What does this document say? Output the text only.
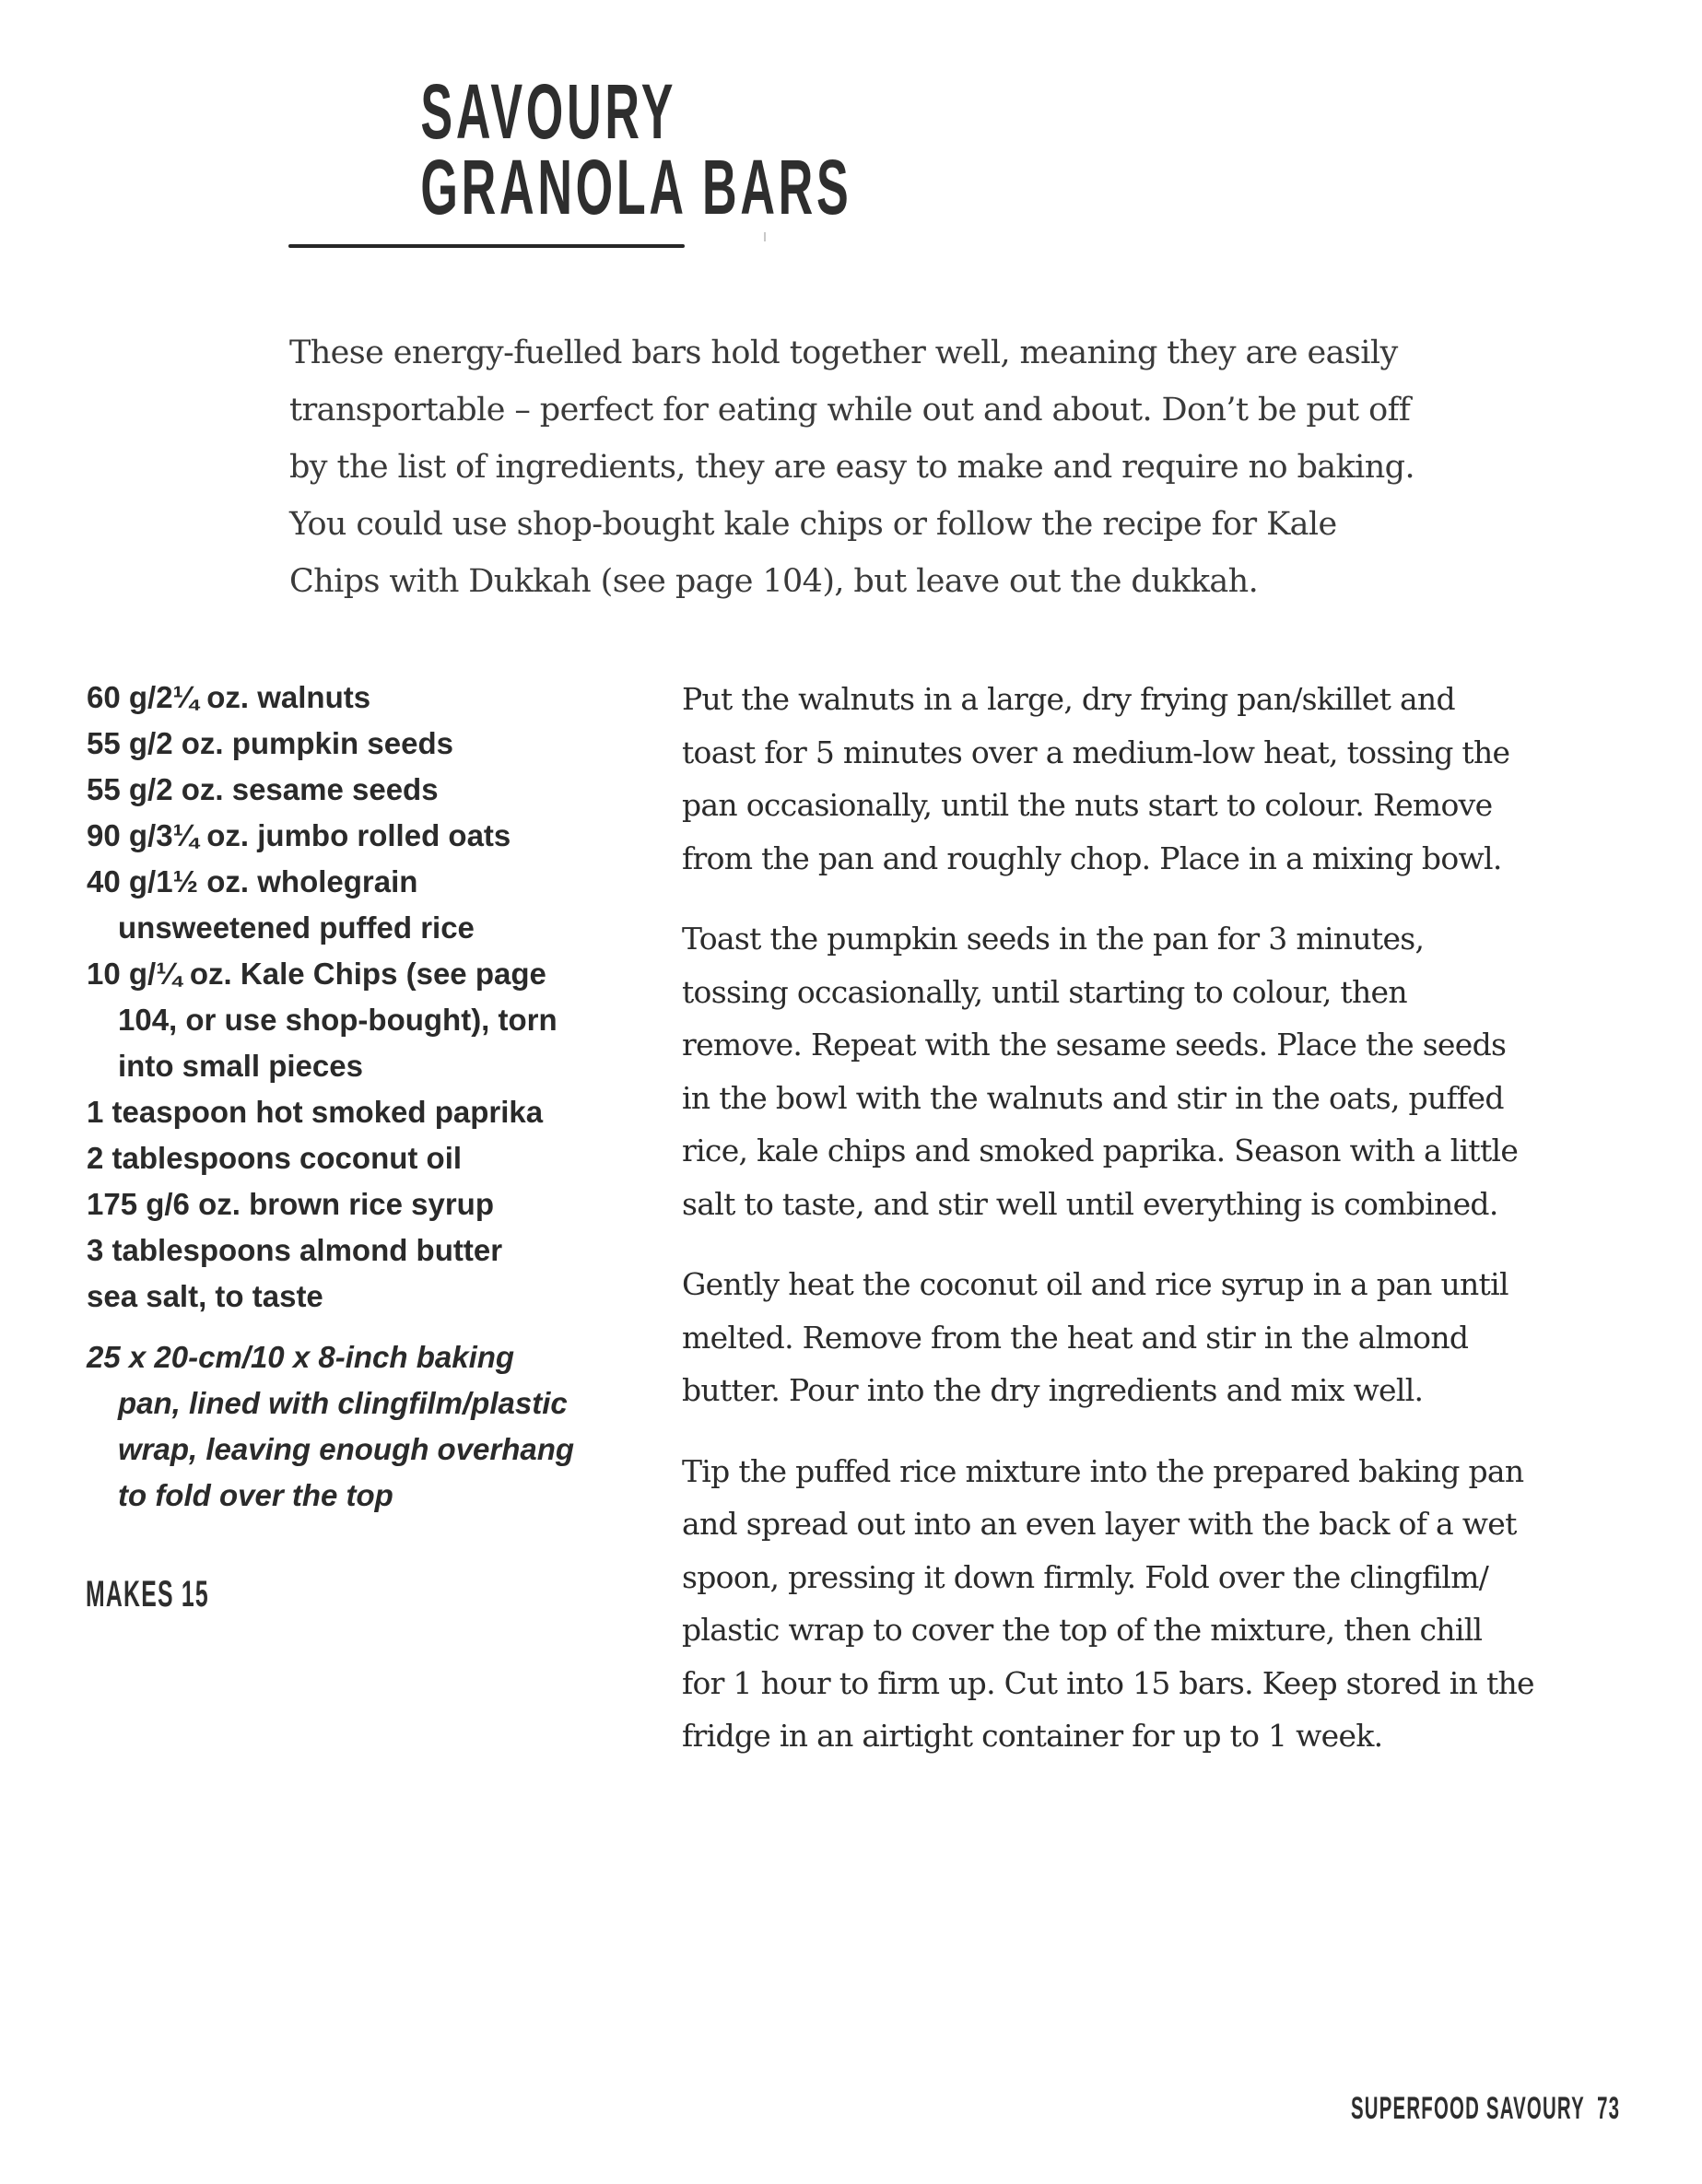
SAVOURY
GRANOLA BARS

These energy-fuelled bars hold together well, meaning they are easily
transportable – perfect for eating while out and about. Don’t be put off
by the list of ingredients, they are easy to make and require no baking.
You could use shop-bought kale chips or follow the recipe for Kale
Chips with Dukkah (see page 104), but leave out the dukkah.

60 g/2¼ oz. walnuts
55 g/2 oz. pumpkin seeds
55 g/2 oz. sesame seeds
90 g/3¼ oz. jumbo rolled oats
40 g/1½ oz. wholegrain
unsweetened puffed rice
10 g/¼ oz. Kale Chips (see page
104, or use shop-bought), torn
into small pieces
1 teaspoon hot smoked paprika
2 tablespoons coconut oil
175 g/6 oz. brown rice syrup
3 tablespoons almond butter
sea salt, to taste
25 x 20-cm/10 x 8-inch baking
pan, lined with clingfilm/plastic
wrap, leaving enough overhang
to fold over the top
MAKES 15

Put the walnuts in a large, dry frying pan/skillet and
toast for 5 minutes over a medium-low heat, tossing the
pan occasionally, until the nuts start to colour. Remove
from the pan and roughly chop. Place in a mixing bowl.

Toast the pumpkin seeds in the pan for 3 minutes,
tossing occasionally, until starting to colour, then
remove. Repeat with the sesame seeds. Place the seeds
in the bowl with the walnuts and stir in the oats, puffed
rice, kale chips and smoked paprika. Season with a little
salt to taste, and stir well until everything is combined.

Gently heat the coconut oil and rice syrup in a pan until
melted. Remove from the heat and stir in the almond
butter. Pour into the dry ingredients and mix well.

Tip the puffed rice mixture into the prepared baking pan
and spread out into an even layer with the back of a wet
spoon, pressing it down firmly. Fold over the clingfilm/
plastic wrap to cover the top of the mixture, then chill
for 1 hour to firm up. Cut into 15 bars. Keep stored in the
fridge in an airtight container for up to 1 week.

SUPERFOOD SAVOURY 73
